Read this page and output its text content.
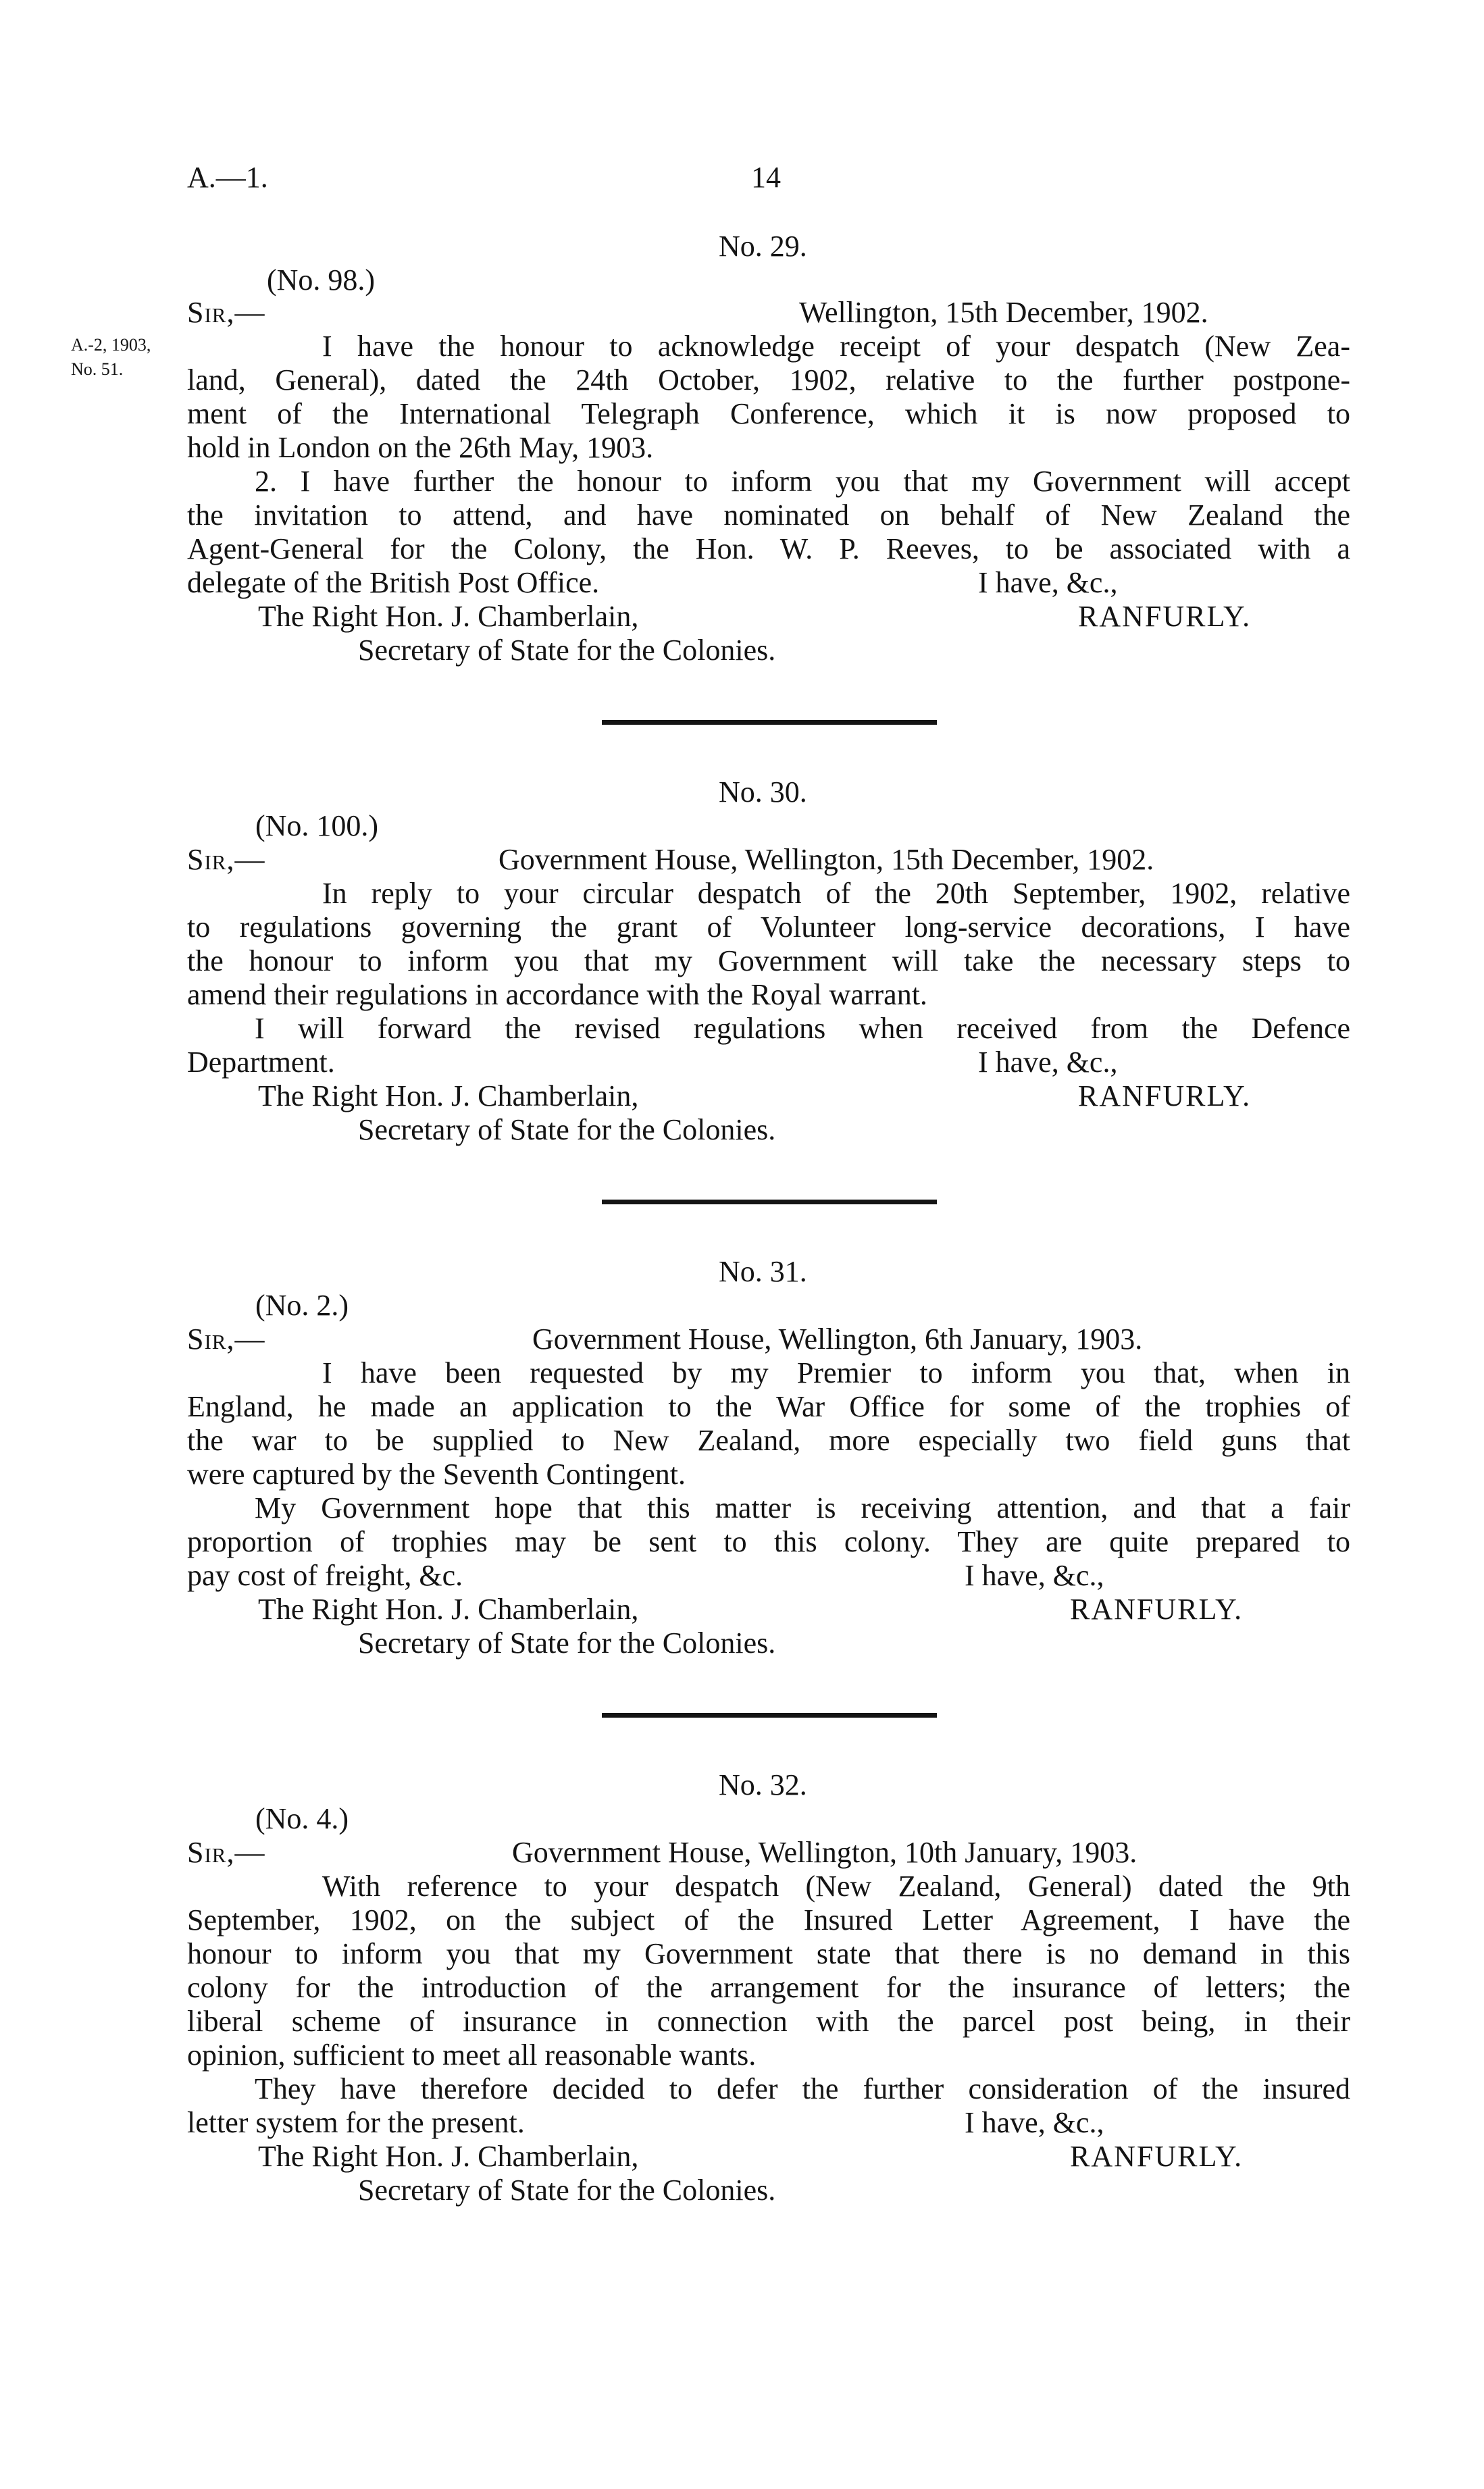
A.—1.	14
A.-2, 1903,
No. 51.
No. 29.
(No. 98.)
Sir,—	Wellington, 15th December, 1902.
I have the honour to acknowledge receipt of your despatch (New Zea-
land, General), dated the 24th October, 1902, relative to the further postpone-
ment of the International Telegraph Conference, which it is now proposed to
hold in London on the 26th May, 1903.
2. I have further the honour to inform you that my Government will accept
the invitation to attend, and have nominated on behalf of New Zealand the
Agent-General for the Colony, the Hon. W. P. Reeves, to be associated with a
delegate of the British Post Office.	I have, &c.,
The Right Hon. J. Chamberlain,	RANFURLY.
Secretary of State for the Colonies.
No. 30.
(No. 100.)
Sir,—	Government House, Wellington, 15th December, 1902.
In reply to your circular despatch of the 20th September, 1902, relative
to regulations governing the grant of Volunteer long-service decorations, I have
the honour to inform you that my Government will take the necessary steps to
amend their regulations in accordance with the Royal warrant.
I will forward the revised regulations when received from the Defence
Department.	I have, &c.,
The Right Hon. J. Chamberlain,	RANFURLY.
Secretary of State for the Colonies.
No. 31.
(No. 2.)
Sir,—	Government House, Wellington, 6th January, 1903.
I have been requested by my Premier to inform you that, when in
England, he made an application to the War Office for some of the trophies of
the war to be supplied to New Zealand, more especially two field guns that
were captured by the Seventh Contingent.
My Government hope that this matter is receiving attention, and that a fair
proportion of trophies may be sent to this colony. They are quite prepared to
pay cost of freight, &c.	I have, &c.,
The Right Hon. J. Chamberlain,	RANFURLY.
Secretary of State for the Colonies.
No. 32.
(No. 4.)
Sir,—	Government House, Wellington, 10th January, 1903.
With reference to your despatch (New Zealand, General) dated the 9th
September, 1902, on the subject of the Insured Letter Agreement, I have the
honour to inform you that my Government state that there is no demand in this
colony for the introduction of the arrangement for the insurance of letters; the
liberal scheme of insurance in connection with the parcel post being, in their
opinion, sufficient to meet all reasonable wants.
They have therefore decided to defer the further consideration of the insured
letter system for the present.	I have, &c.,
The Right Hon. J. Chamberlain,	RANFURLY.
Secretary of State for the Colonies.
